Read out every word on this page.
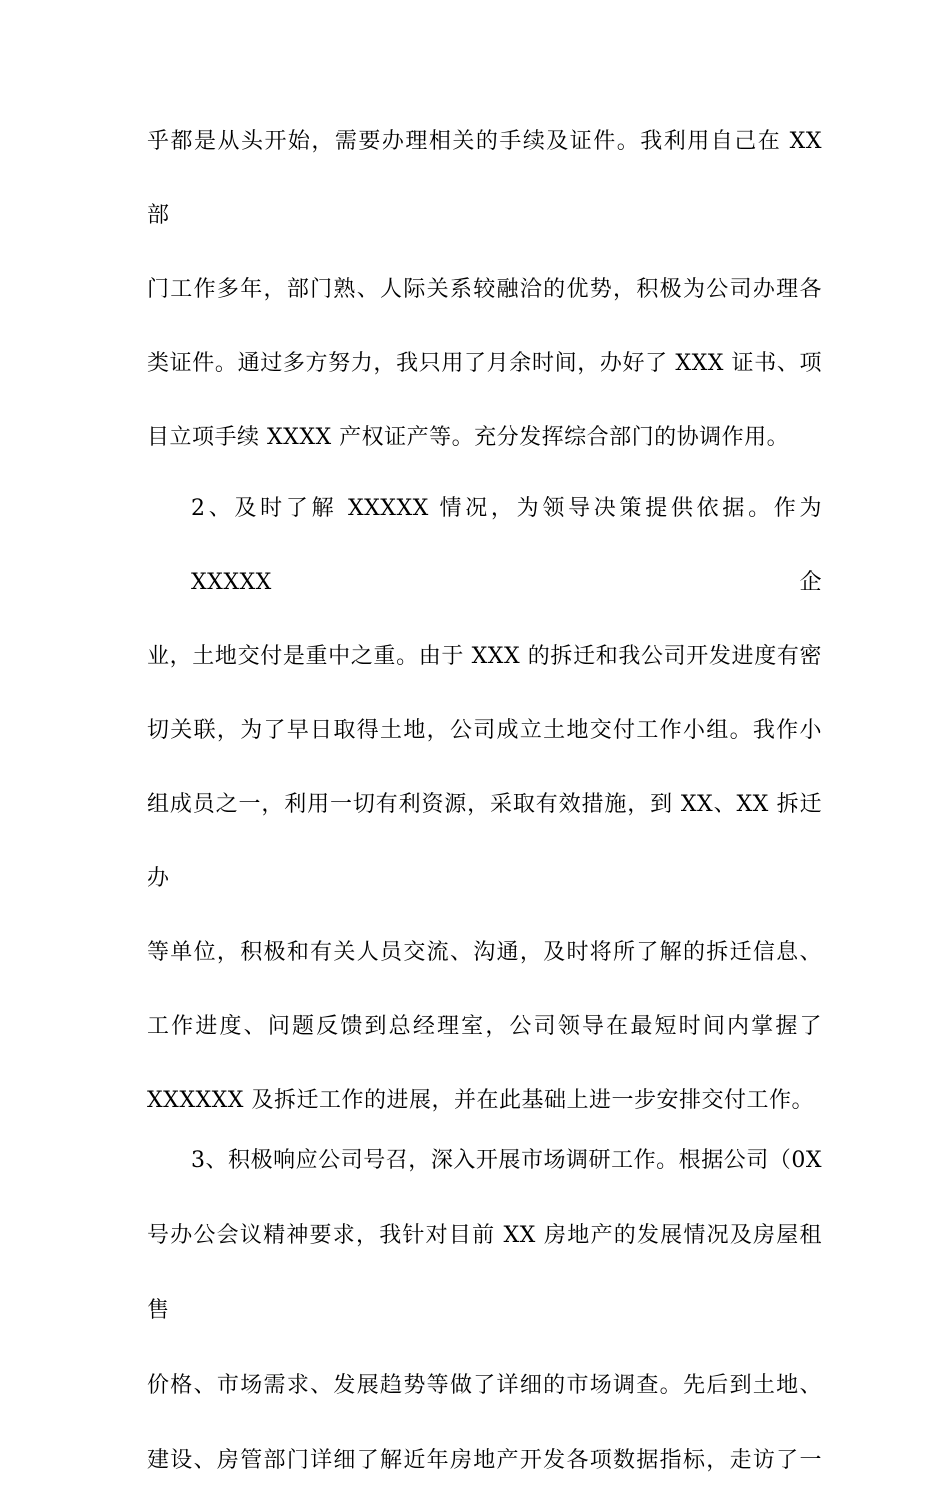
乎都是从头开始，需要办理相关的手续及证件。我利用自己在 XX 部
门工作多年，部门熟、人际关系较融洽的优势，积极为公司办理各
类证件。通过多方努力，我只用了月余时间，办好了 XXX 证书、项
目立项手续 XXXX 产权证产等。充分发挥综合部门的协调作用。
2、及时了解 XXXXX 情况，为领导决策提供依据。作为 XXXXX 企
业，土地交付是重中之重。由于 XXX 的拆迁和我公司开发进度有密
切关联，为了早日取得土地，公司成立土地交付工作小组。我作小
组成员之一，利用一切有利资源，采取有效措施，到 XX、XX 拆迁办
等单位，积极和有关人员交流、沟通，及时将所了解的拆迁信息、
工作进度、问题反馈到总经理室，公司领导在最短时间内掌握了
XXXXXX 及拆迁工作的进展，并在此基础上进一步安排交付工作。
3、积极响应公司号召，深入开展市场调研工作。根据公司（0X
号办公会议精神要求，我针对目前 XX 房地产的发展情况及房屋租售
价格、市场需求、发展趋势等做了详细的市场调查。先后到土地、
建设、房管部门详细了解近年房地产开发各项数据指标，走访了一
